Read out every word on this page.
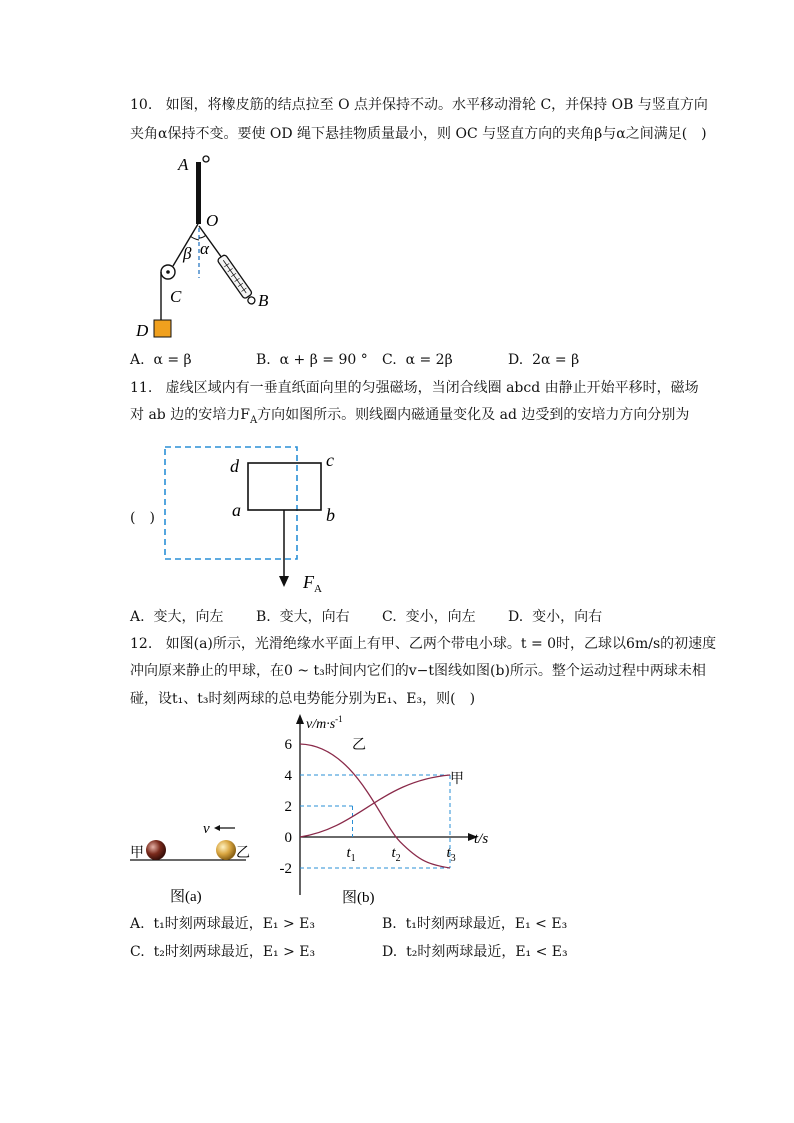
10. 如图，将橡皮筋的结点拉至 O 点并保持不动。水平移动滑轮 C，并保持 OB 与竖直方向
夹角α保持不变。要使 OD 绳下悬挂物质量最小，则 OC 与竖直方向的夹角β与α之间满足(　)
A
O
β α
C	B
D
A. α = β	B. α + β = 90 ° C. α = 2β	D. 2α = β
11. 虚线区域内有一垂直纸面向里的匀强磁场，当闭合线圈 abcd 由静止开始平移时，磁场
对 ab 边的安培力$F_A$方向如图所示。则线圈内磁通量变化及 ad 边受到的安培力方向分别为
(　)
d	c
a	b
$F_A$
A. 变大，向左 B. 变大，向右 C. 变小，向左 D. 变小，向右
12. 如图(a)所示，光滑绝缘水平面上有甲、乙两个带电小球。t = 0时，乙球以6m/s的初速度
冲向原来静止的甲球，在0 ~ t₃时间内它们的v−t图线如图(b)所示。整个运动过程中两球未相
碰，设t₁、t₃时刻两球的总电势能分别为E₁、E₃，则(　)
甲	乙
v
图(a)
6
4
2
0
-2
$t_1$ $t_2$	$t_3$
$v/m\cdot s^{-1}$
t/s
乙
甲
图(b)
A. t₁时刻两球最近，E₁ > E₃	B. t₁时刻两球最近，E₁ < E₃
C. t₂时刻两球最近，E₁ > E₃	D. t₂时刻两球最近，E₁ < E₃
